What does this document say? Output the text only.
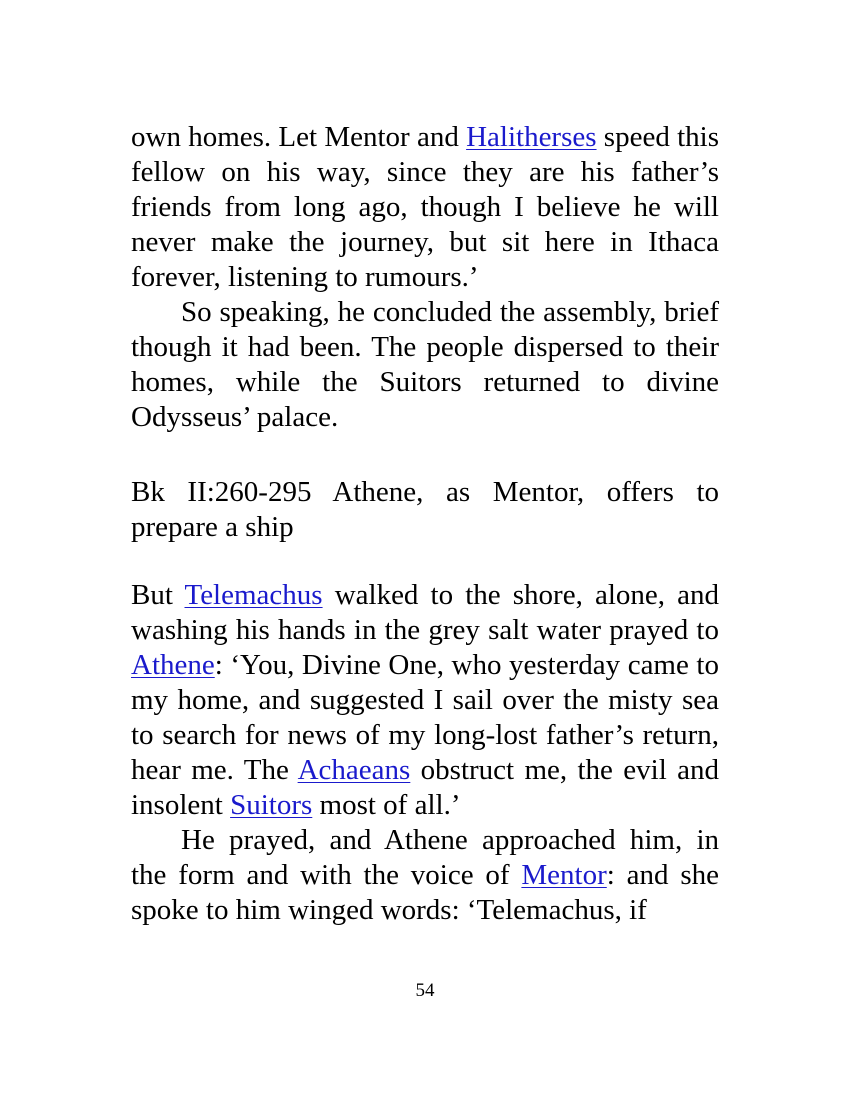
own homes. Let Mentor and Halitherses speed this fellow on his way, since they are his father’s friends from long ago, though I believe he will never make the journey, but sit here in Ithaca forever, listening to rumours.’

So speaking, he concluded the assembly, brief though it had been. The people dispersed to their homes, while the Suitors returned to divine Odysseus’ palace.

Bk II:260-295 Athene, as Mentor, offers to prepare a ship

But Telemachus walked to the shore, alone, and washing his hands in the grey salt water prayed to Athene: ‘You, Divine One, who yesterday came to my home, and suggested I sail over the misty sea to search for news of my long-lost father’s return, hear me. The Achaeans obstruct me, the evil and insolent Suitors most of all.’

He prayed, and Athene approached him, in the form and with the voice of Mentor: and she spoke to him winged words: ‘Telemachus, if

54
